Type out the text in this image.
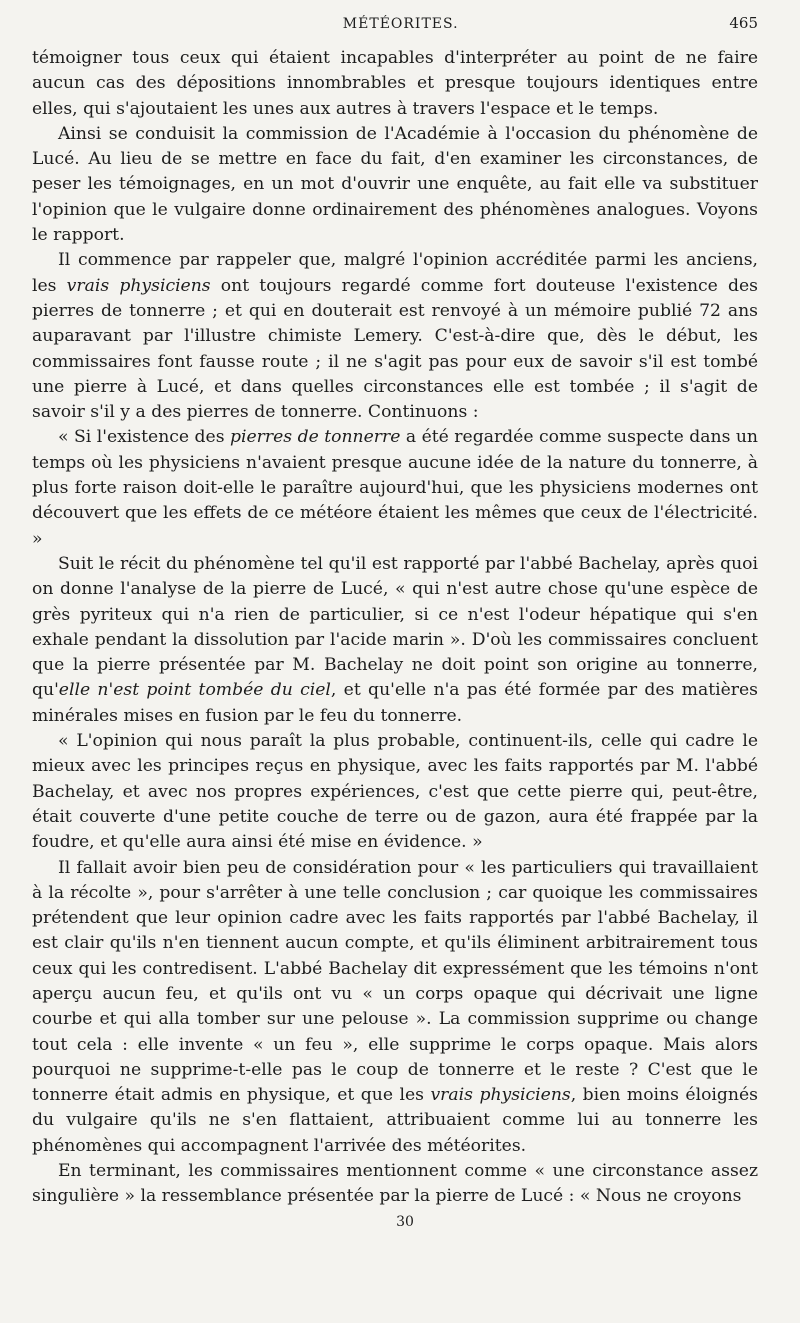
MÉTÉORITES.	465

témoigner tous ceux qui étaient incapables d'interpréter au point de ne faire aucun cas des dépositions innombrables et presque toujours identiques entre elles, qui s'ajoutaient les unes aux autres à travers l'espace et le temps.

Ainsi se conduisit la commission de l'Académie à l'occasion du phénomène de Lucé. Au lieu de se mettre en face du fait, d'en examiner les circonstances, de peser les témoignages, en un mot d'ouvrir une enquête, au fait elle va substituer l'opinion que le vulgaire donne ordinairement des phénomènes analogues. Voyons le rapport.

Il commence par rappeler que, malgré l'opinion accréditée parmi les anciens, les vrais physiciens ont toujours regardé comme fort douteuse l'existence des pierres de tonnerre ; et qui en douterait est renvoyé à un mémoire publié 72 ans auparavant par l'illustre chimiste Lemery. C'est-à-dire que, dès le début, les commissaires font fausse route ; il ne s'agit pas pour eux de savoir s'il est tombé une pierre à Lucé, et dans quelles circonstances elle est tombée ; il s'agit de savoir s'il y a des pierres de tonnerre. Continuons :

« Si l'existence des pierres de tonnerre a été regardée comme suspecte dans un temps où les physiciens n'avaient presque aucune idée de la nature du tonnerre, à plus forte raison doit-elle le paraître aujourd'hui, que les physiciens modernes ont découvert que les effets de ce météore étaient les mêmes que ceux de l'électricité. »

Suit le récit du phénomène tel qu'il est rapporté par l'abbé Bachelay, après quoi on donne l'analyse de la pierre de Lucé, « qui n'est autre chose qu'une espèce de grès pyriteux qui n'a rien de particulier, si ce n'est l'odeur hépatique qui s'en exhale pendant la dissolution par l'acide marin ». D'où les commissaires concluent que la pierre présentée par M. Bachelay ne doit point son origine au tonnerre, qu'elle n'est point tombée du ciel, et qu'elle n'a pas été formée par des matières minérales mises en fusion par le feu du tonnerre.

« L'opinion qui nous paraît la plus probable, continuent-ils, celle qui cadre le mieux avec les principes reçus en physique, avec les faits rapportés par M. l'abbé Bachelay, et avec nos propres expériences, c'est que cette pierre qui, peut-être, était couverte d'une petite couche de terre ou de gazon, aura été frappée par la foudre, et qu'elle aura ainsi été mise en évidence. »

Il fallait avoir bien peu de considération pour « les particuliers qui travaillaient à la récolte », pour s'arrêter à une telle conclusion ; car quoique les commissaires prétendent que leur opinion cadre avec les faits rapportés par l'abbé Bachelay, il est clair qu'ils n'en tiennent aucun compte, et qu'ils éliminent arbitrairement tous ceux qui les contredisent. L'abbé Bachelay dit expressément que les témoins n'ont aperçu aucun feu, et qu'ils ont vu « un corps opaque qui décrivait une ligne courbe et qui alla tomber sur une pelouse ». La commission supprime ou change tout cela : elle invente « un feu », elle supprime le corps opaque. Mais alors pourquoi ne supprime-t-elle pas le coup de tonnerre et le reste ? C'est que le tonnerre était admis en physique, et que les vrais physiciens, bien moins éloignés du vulgaire qu'ils ne s'en flattaient, attribuaient comme lui au tonnerre les phénomènes qui accompagnent l'arrivée des météorites.

En terminant, les commissaires mentionnent comme « une circonstance assez singulière » la ressemblance présentée par la pierre de Lucé : « Nous ne croyons

30
